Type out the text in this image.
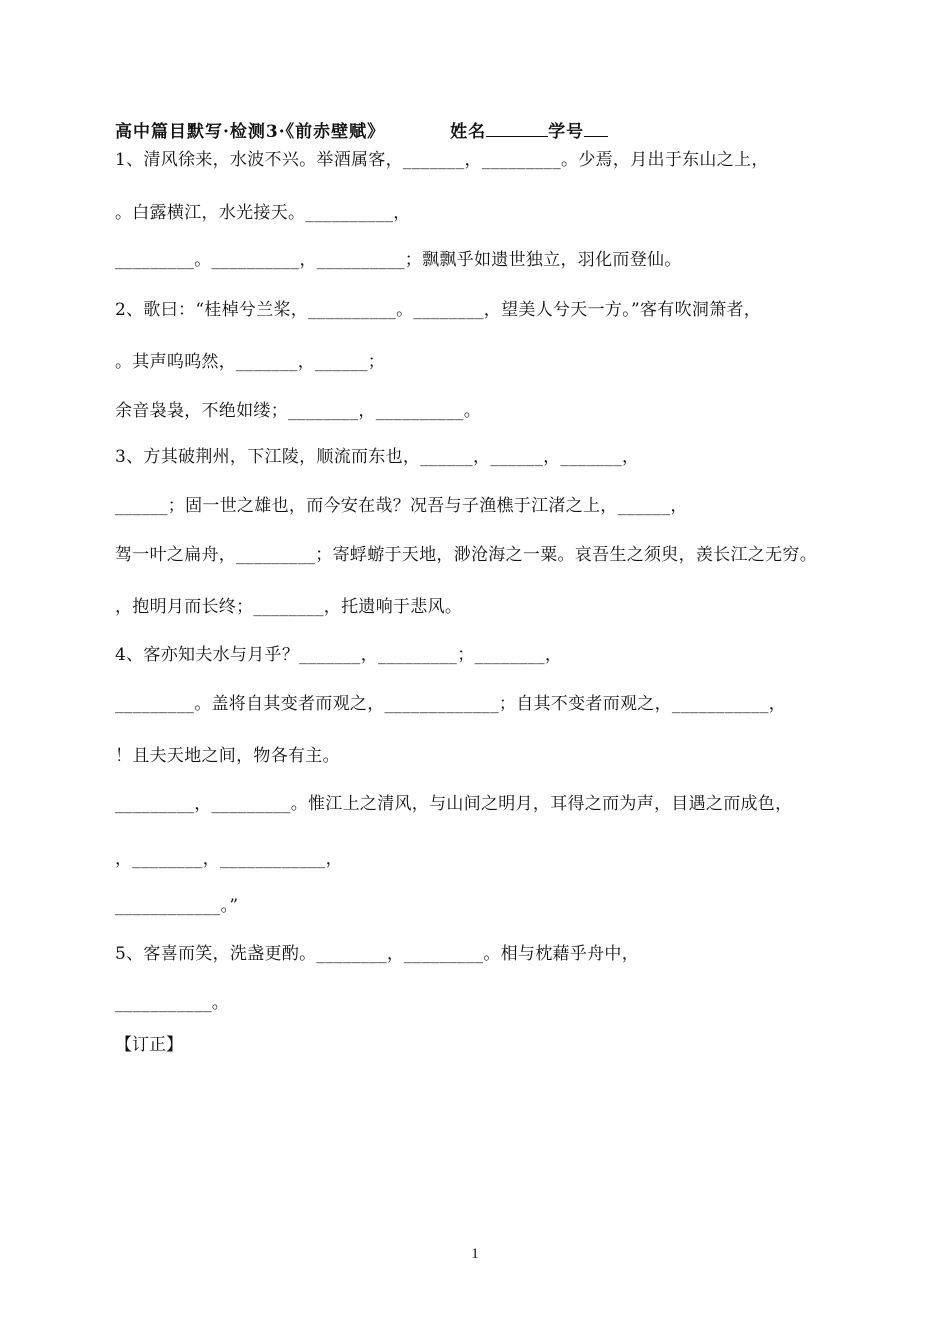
高中篇目默写·检测3·《前赤壁赋》	姓名	学号
1、清风徐来，水波不兴。举酒属客，_______，_________。少焉，月出于东山之上，
。白露横江，水光接天。__________，
_________。__________，__________；飘飘乎如遗世独立，羽化而登仙。
2、歌曰：“桂棹兮兰桨，__________。________，望美人兮天一方。”客有吹洞箫者，
。其声呜呜然，_______，______；
余音袅袅，不绝如缕；________，__________。
3、方其破荆州，下江陵，顺流而东也，______，______，_______，
______；固一世之雄也，而今安在哉？况吾与子渔樵于江渚之上，______，
驾一叶之扁舟，_________；寄蜉蝣于天地，渺沧海之一粟。哀吾生之须臾，羡长江之无穷。
，抱明月而长终；________，托遗响于悲风。
4、客亦知夫水与月乎？_______，_________；________，
_________。盖将自其变者而观之，_____________；自其不变者而观之，___________，
！且夫天地之间，物各有主。
_________，_________。惟江上之清风，与山间之明月，耳得之而为声，目遇之而成色，
，________，____________，
____________。”
5、客喜而笑，洗盏更酌。________，_________。相与枕藉乎舟中，
___________。
【订正】
1
